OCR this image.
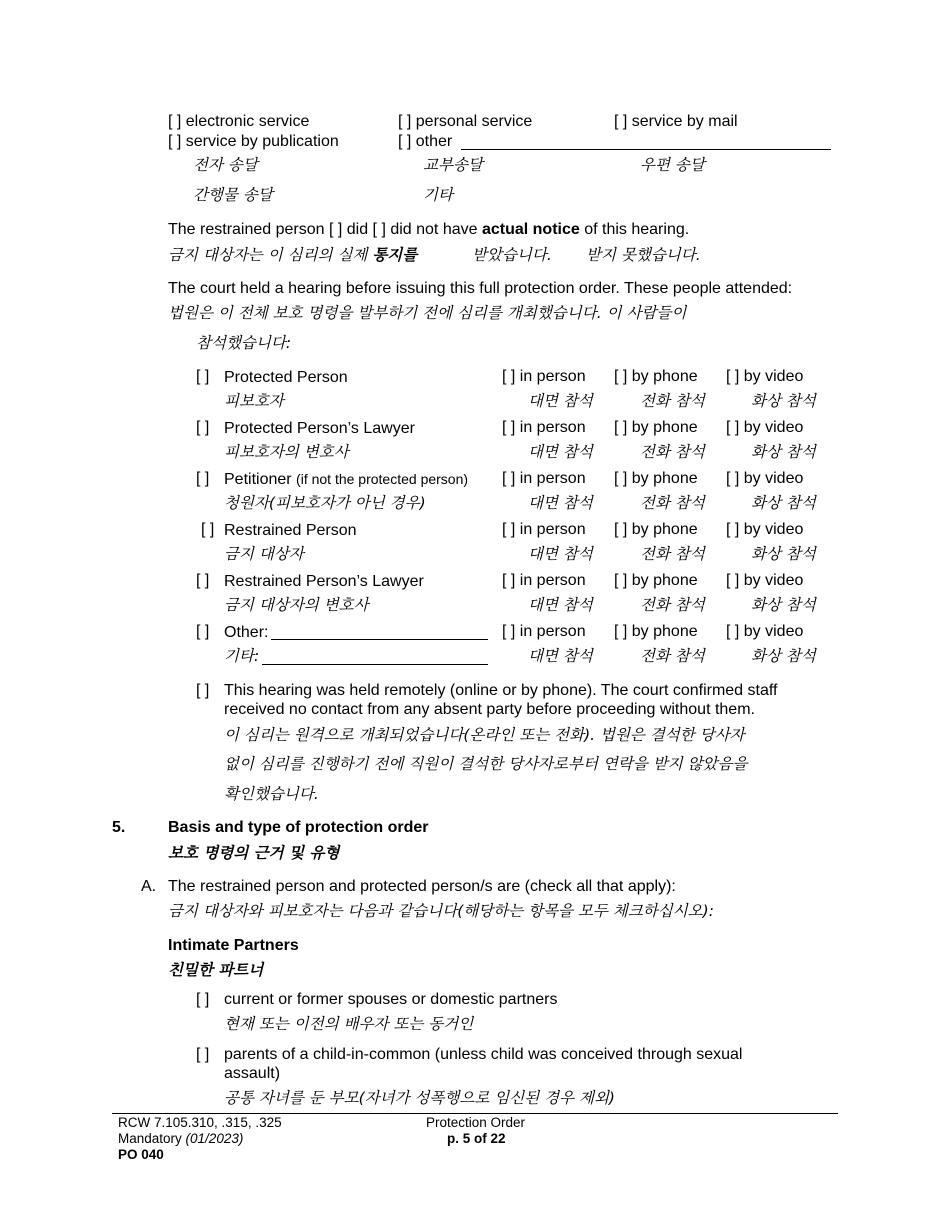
[ ] electronic service	[ ] personal service	[ ] service by mail
[ ] service by publication	[ ] other
전자 송달	교부송달	우편 송달
간행물 송달	기타
The restrained person [ ] did [ ] did not have actual notice of this hearing.
금지 대상자는 이 심리의 실제 통지를	받았습니다. 받지 못했습니다.
The court held a hearing before issuing this full protection order. These people attended:
법원은 이 전체 보호 명령을 발부하기 전에 심리를 개최했습니다. 이 사람들이
참석했습니다:
[ ] Protected Person	[ ] in person [ ] by phone [ ] by video
피보호자	대면 참석	전화 참석	화상 참석
[ ] Protected Person’s Lawyer	[ ] in person [ ] by phone [ ] by video
피보호자의 변호사	대면 참석	전화 참석	화상 참석
[ ] Petitioner (if not the protected person) [ ] in person [ ] by phone [ ] by video
청원자(피보호자가 아닌 경우)	대면 참석	전화 참석	화상 참석
[ ] Restrained Person	[ ] in person [ ] by phone [ ] by video
금지 대상자	대면 참석	전화 참석	화상 참석
[ ] Restrained Person’s Lawyer	[ ] in person [ ] by phone [ ] by video
금지 대상자의 변호사	대면 참석	전화 참석	화상 참석
[ ] Other:	[ ] in person [ ] by phone [ ] by video
기타:	대면 참석	전화 참석	화상 참석
[ ] This hearing was held remotely (online or by phone). The court confirmed staff
received no contact from any absent party before proceeding without them.
이 심리는 원격으로 개최되었습니다(온라인 또는 전화). 법원은 결석한 당사자
없이 심리를 진행하기 전에 직원이 결석한 당사자로부터 연락을 받지 않았음을
확인했습니다.
5.	Basis and type of protection order
보호 명령의 근거 및 유형
A. The restrained person and protected person/s are (check all that apply):
금지 대상자와 피보호자는 다음과 같습니다(해당하는 항목을 모두 체크하십시오):
Intimate Partners
친밀한 파트너
[ ] current or former spouses or domestic partners
현재 또는 이전의 배우자 또는 동거인
[ ] parents of a child-in-common (unless child was conceived through sexual
assault)
공통 자녀를 둔 부모(자녀가 성폭행으로 임신된 경우 제외)
RCW 7.105.310, .315, .325
Mandatory (01/2023)
PO 040
Protection Order
p. 5 of 22
